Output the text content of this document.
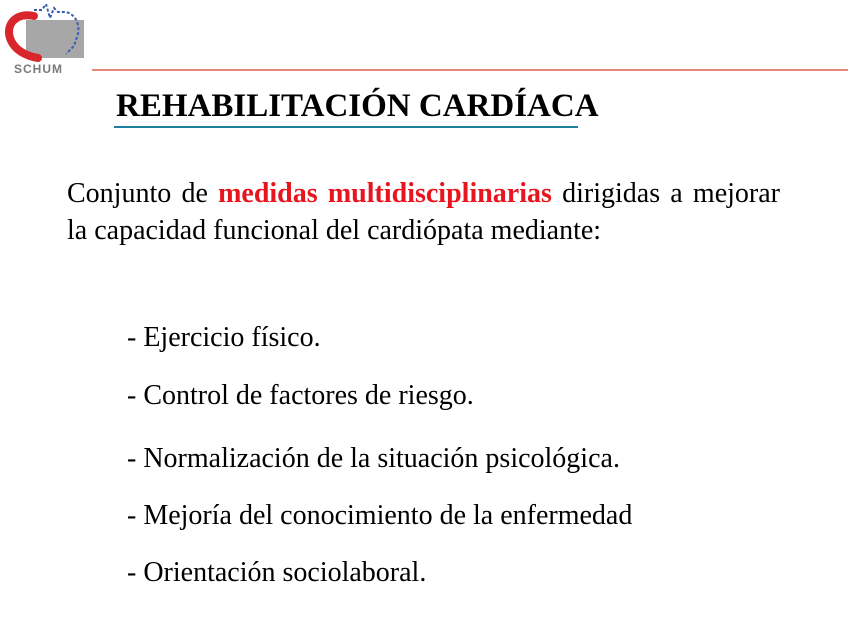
SCHUM
REHABILITACIÓN CARDÍACA

Conjunto de medidas multidisciplinarias dirigidas a mejorar la capacidad funcional del cardiópata mediante:

- Ejercicio físico.
- Control de factores de riesgo.
- Normalización de la situación psicológica.
- Mejoría del conocimiento de la enfermedad
- Orientación sociolaboral.
